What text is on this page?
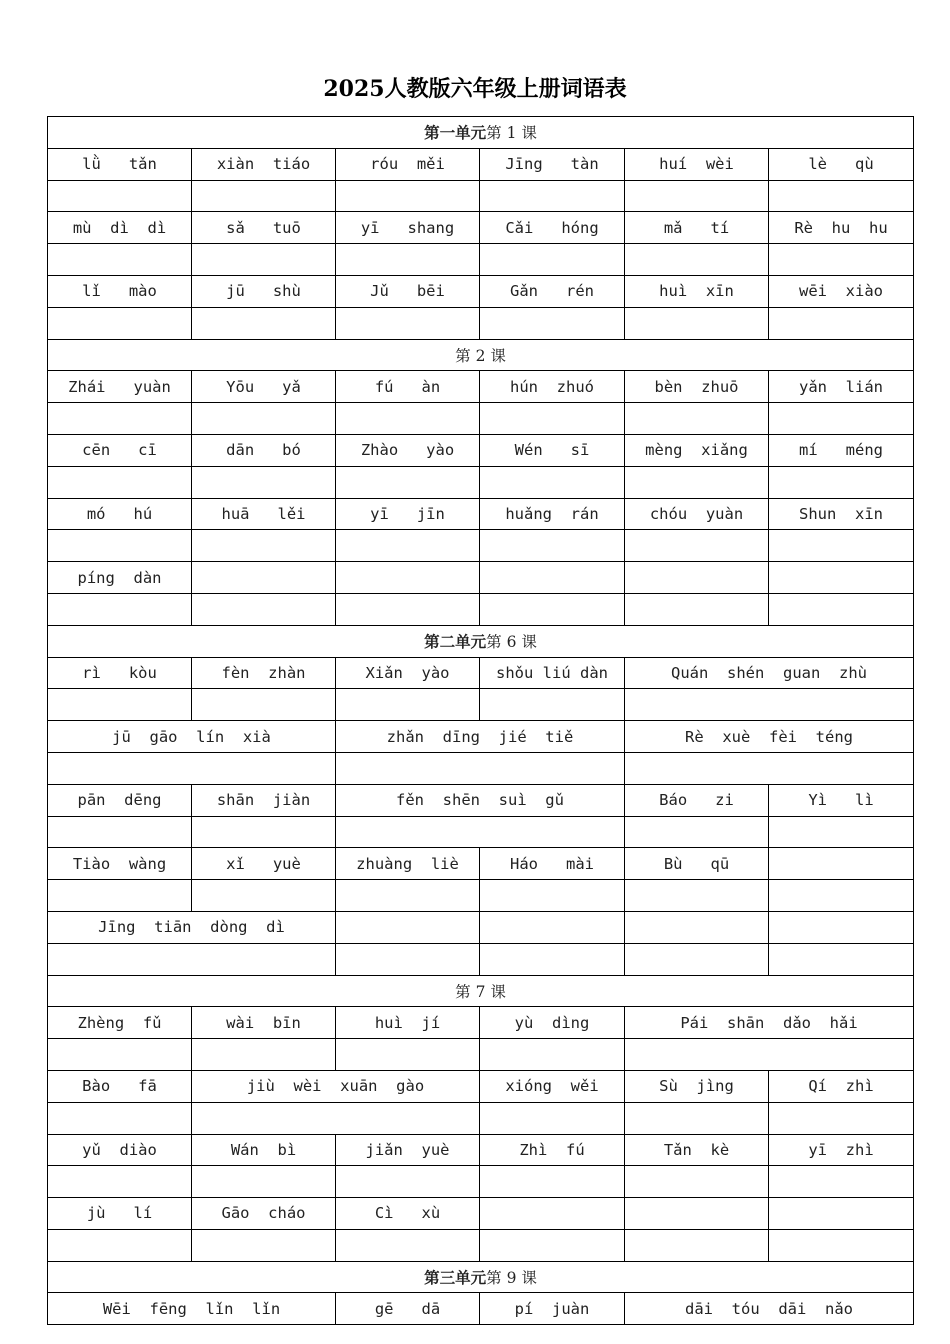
2025人教版六年级上册词语表
第一单元第 1 课					
lǜ   tǎn	xiàn  tiáo	róu  měi	Jīng   tàn	huí  wèi	lè   qù

mù  dì  dì	sǎ   tuō	yī   shang	Cǎi   hóng	mǎ   tí	Rè  hu  hu

lǐ   mào	jū   shù	Jǔ   bēi	Gǎn   rén	huì  xīn	wēi  xiào

第 2 课					
Zhái   yuàn	Yōu   yǎ	fú   àn	hún  zhuó	bèn  zhuō	yǎn  lián

cēn   cī	dān   bó	Zhào   yào	Wén   sī	mèng  xiǎng	mí   méng

mó   hú	huā   lěi	yī   jīn	huǎng  rán	chóu  yuàn	Shun  xīn

píng  dàn					

第二单元第 6 课					
rì   kòu	fèn  zhàn	Xiǎn  yào	shǒu liú dàn	Quán  shén  guan  zhù	

jū  gāo  lín  xià		zhǎn  dīng  jié  tiě		Rè  xuè  fèi  téng	

pān  dēng	shān  jiàn	fěn  shēn  suì  gǔ		Báo   zi	Yì   lì

Tiào  wàng	xǐ   yuè	zhuàng  liè	Háo   mài	Bù   qū	

Jīng  tiān  dòng  dì					

第 7 课					
Zhèng  fǔ	wài  bīn	huì  jí	yù  dìng	Pái  shān  dǎo  hǎi	

Bào   fā	jiù  wèi  xuān  gào		xióng  wěi	Sù  jìng	Qí  zhì

yǔ  diào	Wán  bì	jiǎn  yuè	Zhì  fú	Tǎn  kè	yī  zhì

jù   lí	Gāo  cháo	Cì   xù			

第三单元第 9 课					
Wēi  fēng  lǐn  lǐn		gē   dā	pí  juàn	dāi  tóu  dāi  nǎo	
